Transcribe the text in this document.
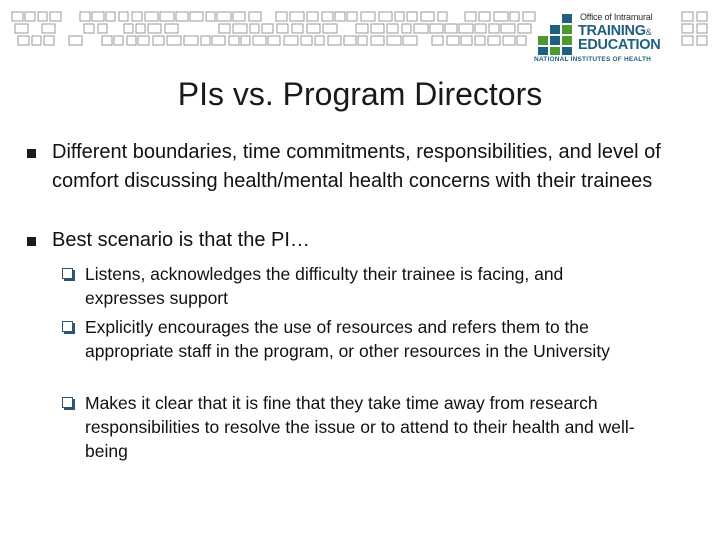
Office of Intramural
TRAINING&
EDUCATION
NATIONAL INSTITUTES OF HEALTH
PIs vs. Program Directors
Different boundaries, time commitments, responsibilities, and level of comfort discussing health/mental health concerns with their trainees
Best scenario is that the PI…
Listens, acknowledges the difficulty their trainee is facing, and expresses support
Explicitly encourages the use of resources and refers them to the appropriate staff in the program, or other resources in the University
Makes it clear that it is fine that they take time away from research responsibilities to resolve the issue or to attend to their health and well-being
